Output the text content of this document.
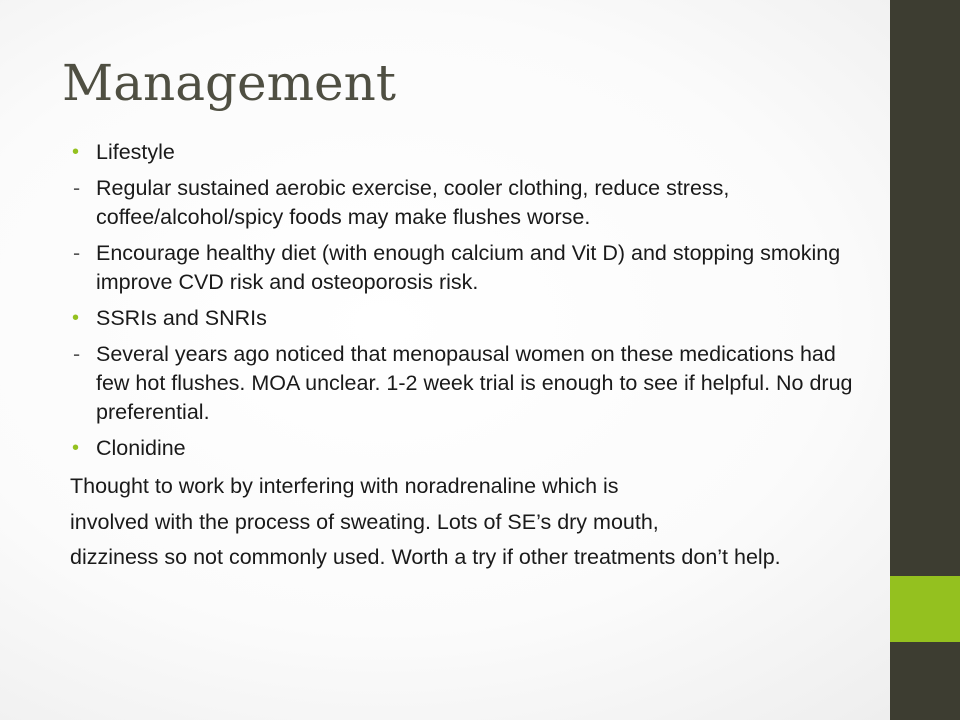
Management
• Lifestyle
- Regular sustained aerobic exercise, cooler clothing, reduce stress, coffee/alcohol/spicy foods may make flushes worse.
- Encourage healthy diet (with enough calcium and Vit D) and stopping smoking improve CVD risk and osteoporosis risk.
• SSRIs and SNRIs
- Several years ago noticed that menopausal women on these medications had few hot flushes. MOA unclear. 1-2 week trial is enough to see if helpful. No drug preferential.
• Clonidine
Thought to work by interfering with noradrenaline which is
involved with the process of sweating. Lots of SE’s dry mouth,
dizziness so not commonly used. Worth a try if other treatments don’t help.
